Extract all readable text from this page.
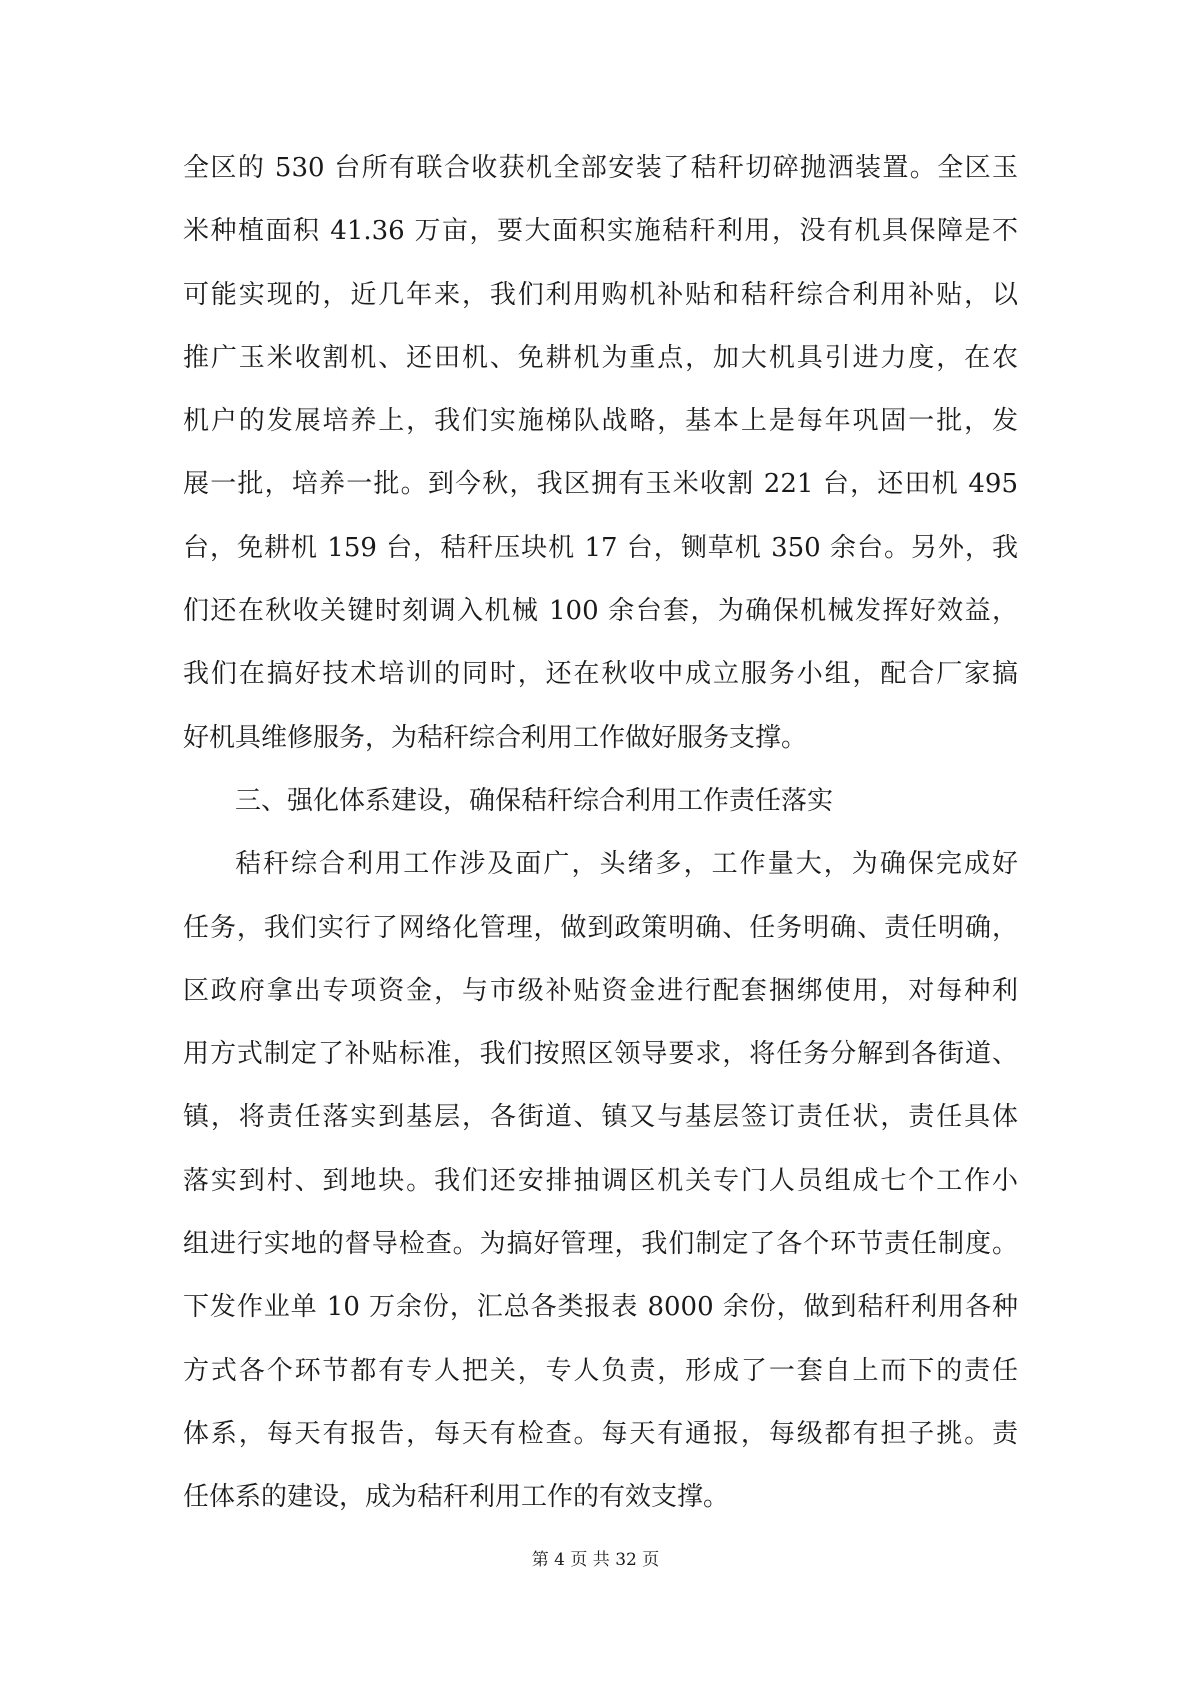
全区的 530 台所有联合收获机全部安装了秸秆切碎抛洒装置。全区玉
米种植面积 41.36 万亩，要大面积实施秸秆利用，没有机具保障是不
可能实现的，近几年来，我们利用购机补贴和秸秆综合利用补贴，以
推广玉米收割机、还田机、免耕机为重点，加大机具引进力度，在农
机户的发展培养上，我们实施梯队战略，基本上是每年巩固一批，发
展一批，培养一批。到今秋，我区拥有玉米收割 221 台，还田机 495
台，免耕机 159 台，秸秆压块机 17 台，铡草机 350 余台。另外，我
们还在秋收关键时刻调入机械 100 余台套，为确保机械发挥好效益，
我们在搞好技术培训的同时，还在秋收中成立服务小组，配合厂家搞
好机具维修服务，为秸秆综合利用工作做好服务支撑。
三、强化体系建设，确保秸秆综合利用工作责任落实
秸秆综合利用工作涉及面广，头绪多，工作量大，为确保完成好
任务，我们实行了网络化管理，做到政策明确、任务明确、责任明确，
区政府拿出专项资金，与市级补贴资金进行配套捆绑使用，对每种利
用方式制定了补贴标准，我们按照区领导要求，将任务分解到各街道、
镇，将责任落实到基层，各街道、镇又与基层签订责任状，责任具体
落实到村、到地块。我们还安排抽调区机关专门人员组成七个工作小
组进行实地的督导检查。为搞好管理，我们制定了各个环节责任制度。
下发作业单 10 万余份，汇总各类报表 8000 余份，做到秸秆利用各种
方式各个环节都有专人把关，专人负责，形成了一套自上而下的责任
体系，每天有报告，每天有检查。每天有通报，每级都有担子挑。责
任体系的建设，成为秸秆利用工作的有效支撑。
第 4 页 共 32 页
